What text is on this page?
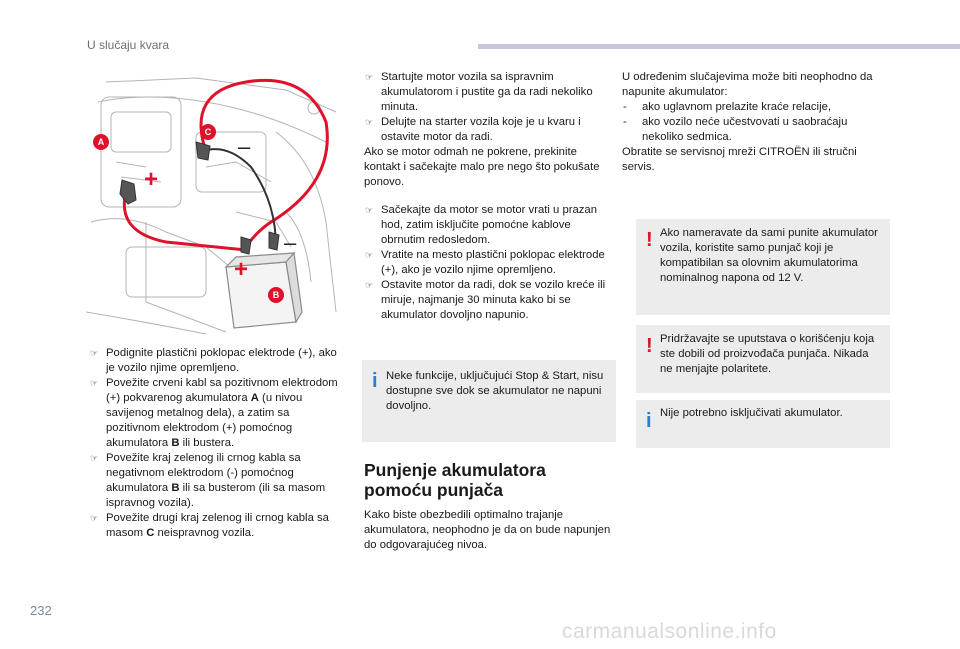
U slučaju kvara
+
+
–
–
A
C
B
☞ Podignite plastični poklopac elektrode (+), ako je vozilo njime opremljeno.
☞ Povežite crveni kabl sa pozitivnom elektrodom (+) pokvarenog akumulatora A (u nivou savijenog metalnog dela), a zatim sa pozitivnom elektrodom (+) pomoćnog akumulatora B ili bustera.
☞ Povežite kraj zelenog ili crnog kabla sa negativnom elektrodom (-) pomoćnog akumulatora B ili sa busterom (ili sa masom ispravnog vozila).
☞ Povežite drugi kraj zelenog ili crnog kabla sa masom C neispravnog vozila.
☞ Startujte motor vozila sa ispravnim akumulatorom i pustite ga da radi nekoliko minuta.
☞ Delujte na starter vozila koje je u kvaru i ostavite motor da radi.
Ako se motor odmah ne pokrene, prekinite kontakt i sačekajte malo pre nego što pokušate ponovo.
☞ Sačekajte da motor se motor vrati u prazan hod, zatim isključite pomoćne kablove obrnutim redosledom.
☞ Vratite na mesto plastični poklopac elektrode (+), ako je vozilo njime opremljeno.
☞ Ostavite motor da radi, dok se vozilo kreće ili miruje, najmanje 30 minuta kako bi se akumulator dovoljno napunio.
i Neke funkcije, uključujući Stop & Start, nisu dostupne sve dok se akumulator ne napuni dovoljno.
Punjenje akumulatora
pomoću punjača
Kako biste obezbedili optimalno trajanje akumulatora, neophodno je da on bude napunjen do odgovarajućeg nivoa.
U određenim slučajevima može biti neophodno da napunite akumulator:
- ako uglavnom prelazite kraće relacije,
- ako vozilo neće učestvovati u saobraćaju nekoliko sedmica.
Obratite se servisnoj mreži CITROËN ili stručni servis.
! Ako nameravate da sami punite akumulator vozila, koristite samo punjač koji je kompatibilan sa olovnim akumulatorima nominalnog napona od 12 V.
! Pridržavajte se uputstava o korišćenju koja ste dobili od proizvođača punjača. Nikada ne menjajte polaritete.
i Nije potrebno isključivati akumulator.
232
carmanualsonline.info
